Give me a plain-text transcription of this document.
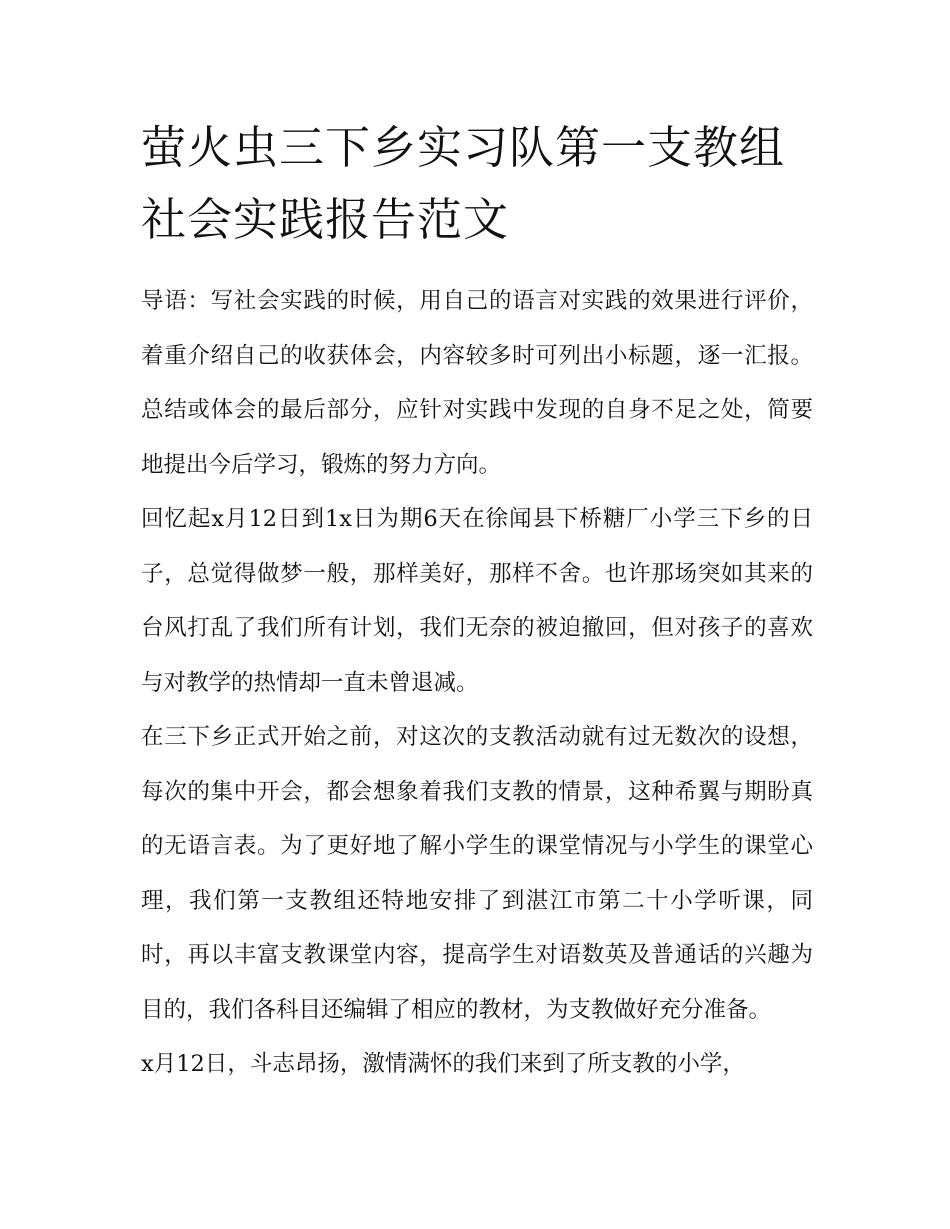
萤火虫三下乡实习队第一支教组社会实践报告范文

导语：写社会实践的时候，用自己的语言对实践的效果进行评价，着重介绍自己的收获体会，内容较多时可列出小标题，逐一汇报。总结或体会的最后部分，应针对实践中发现的自身不足之处，简要地提出今后学习，锻炼的努力方向。

回忆起x月12日到1x日为期6天在徐闻县下桥糖厂小学三下乡的日子，总觉得做梦一般，那样美好，那样不舍。也许那场突如其来的台风打乱了我们所有计划，我们无奈的被迫撤回，但对孩子的喜欢与对教学的热情却一直未曾退减。

在三下乡正式开始之前，对这次的支教活动就有过无数次的设想，每次的集中开会，都会想象着我们支教的情景，这种希翼与期盼真的无语言表。为了更好地了解小学生的课堂情况与小学生的课堂心理，我们第一支教组还特地安排了到湛江市第二十小学听课，同时，再以丰富支教课堂内容，提高学生对语数英及普通话的兴趣为目的，我们各科目还编辑了相应的教材，为支教做好充分准备。

x月12日，斗志昂扬，激情满怀的我们来到了所支教的小学，
